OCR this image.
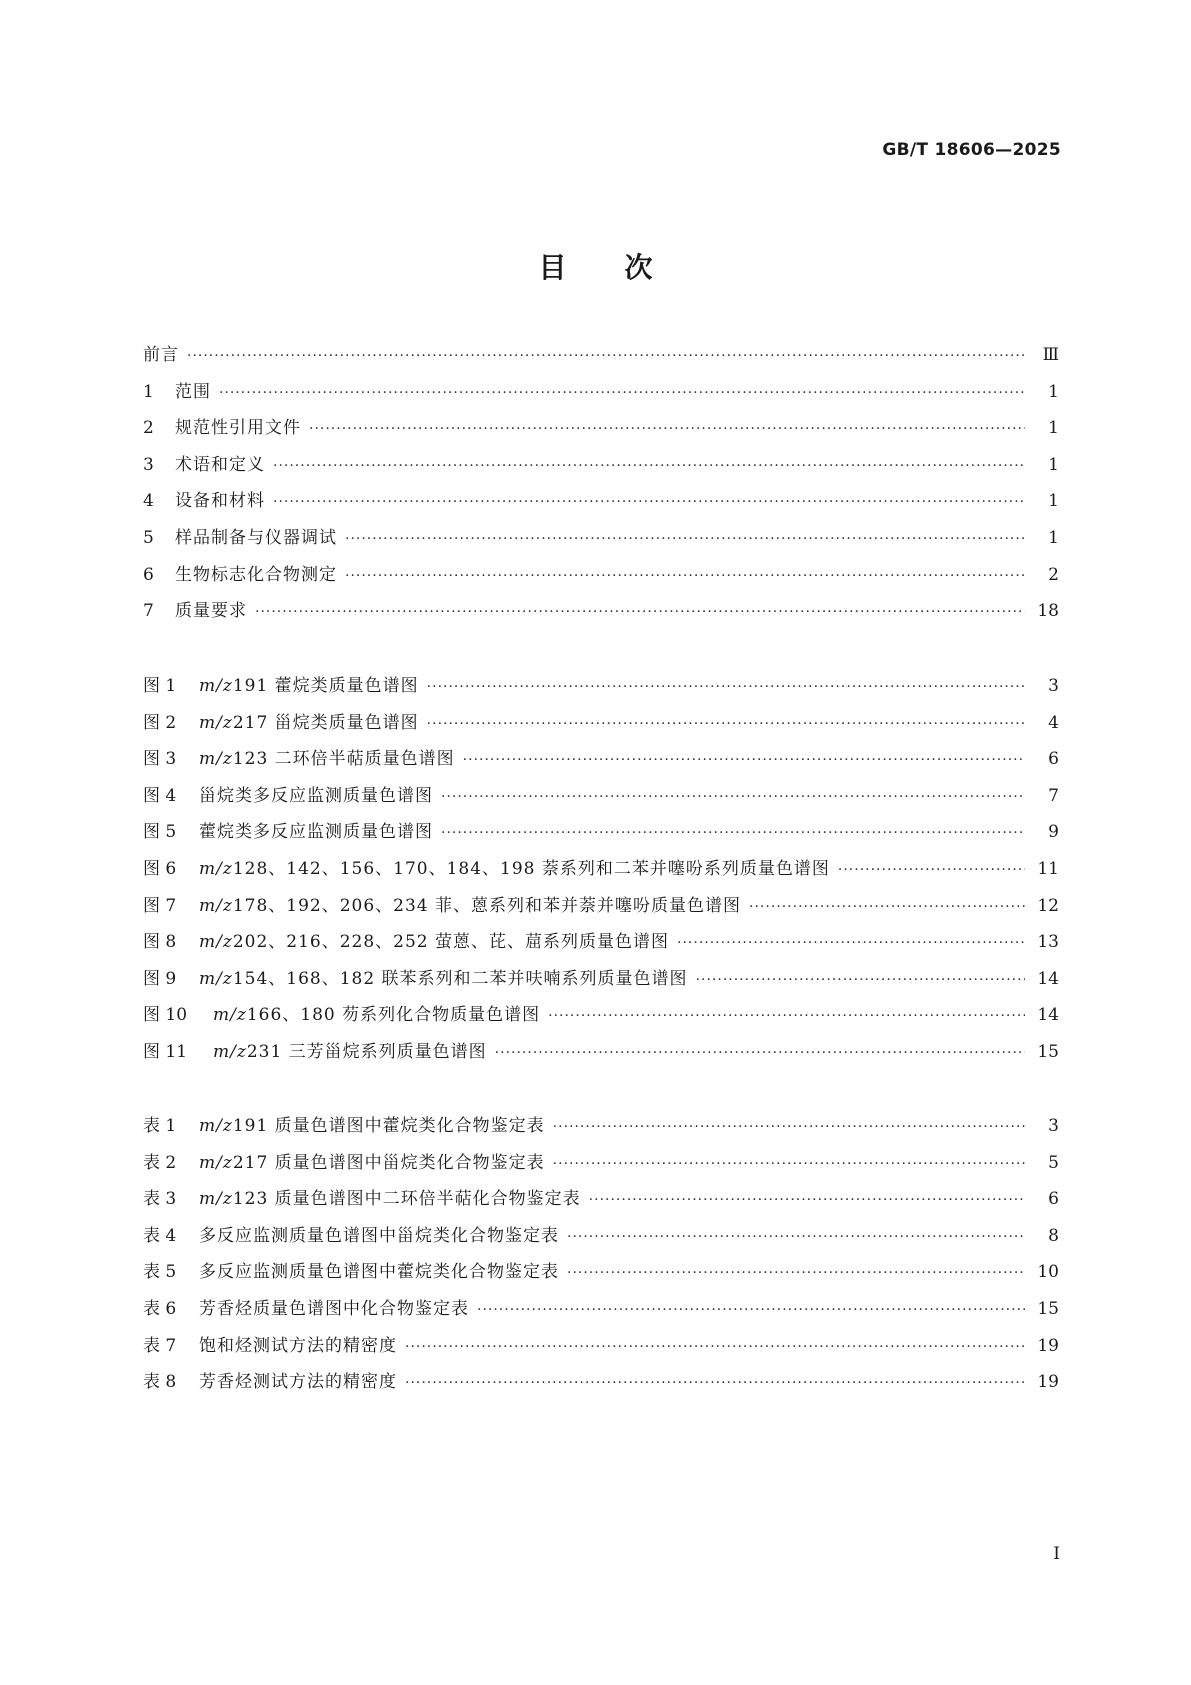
GB/T 18606—2025
目次
前言 ·····	Ⅲ
1	范围 ·····	1
2	规范性引用文件 ·····	1
3	术语和定义 ·····	1
4	设备和材料 ·····	1
5	样品制备与仪器调试 ·····	1
6	生物标志化合物测定 ·····	2
7	质量要求 ·····	18
图 1	m/z191 藿烷类质量色谱图 ·····	3
图 2	m/z217 甾烷类质量色谱图 ·····	4
图 3	m/z123 二环倍半萜质量色谱图 ·····	6
图 4	甾烷类多反应监测质量色谱图 ·····	7
图 5	藿烷类多反应监测质量色谱图 ·····	9
图 6	m/z128、142、156、170、184、198 萘系列和二苯并噻吩系列质量色谱图 ·····	11
图 7	m/z178、192、206、234 菲、蒽系列和苯并萘并噻吩质量色谱图 ·····	12
图 8	m/z202、216、228、252 萤蒽、芘、䓛系列质量色谱图 ·····	13
图 9	m/z154、168、182 联苯系列和二苯并呋喃系列质量色谱图 ·····	14
图 10	m/z166、180 芴系列化合物质量色谱图 ·····	14
图 11	m/z231 三芳甾烷系列质量色谱图 ·····	15
表 1	m/z191 质量色谱图中藿烷类化合物鉴定表 ·····	3
表 2	m/z217 质量色谱图中甾烷类化合物鉴定表 ·····	5
表 3	m/z123 质量色谱图中二环倍半萜化合物鉴定表 ·····	6
表 4	多反应监测质量色谱图中甾烷类化合物鉴定表 ·····	8
表 5	多反应监测质量色谱图中藿烷类化合物鉴定表 ·····	10
表 6	芳香烃质量色谱图中化合物鉴定表 ·····	15
表 7	饱和烃测试方法的精密度 ·····	19
表 8	芳香烃测试方法的精密度 ·····	19
Ⅰ
